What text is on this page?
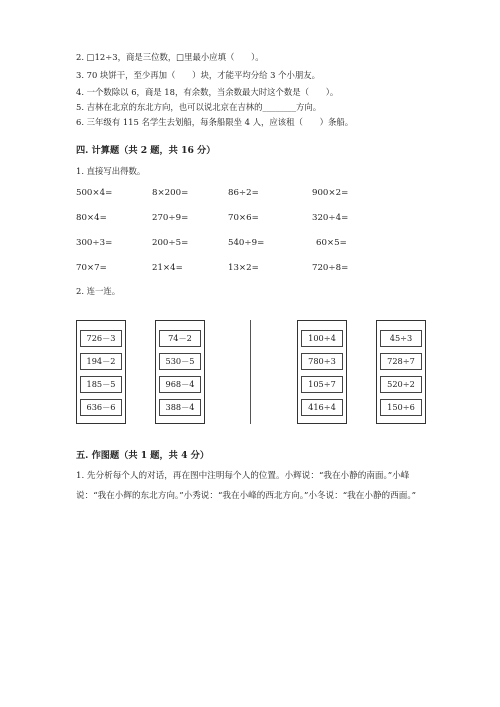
2. □12÷3，商是三位数，□里最小应填（　　）。
3. 70 块饼干，至少再加（　　）块，才能平均分给 3 个小朋友。
4. 一个数除以 6，商是 18，有余数，当余数最大时这个数是（　　）。
5. 吉林在北京的东北方向，也可以说北京在吉林的________方向。
6. 三年级有 115 名学生去划船，每条船限坐 4 人，应该租（　　）条船。
四. 计算题（共 2 题，共 16 分）
1. 直接写出得数。
500×4=	8×200=	86÷2=	900×2=
80×4=	270÷9=	70×6=	320÷4=
300÷3=	200÷5=	540÷9=	60×5=
70×7=	21×4=	13×2=	720÷8=
2. 连一连。
726－3
194－2
185－5
636－6
74－2
530－5
968－4
388－4
100÷4
780÷3
105÷7
416÷4
45÷3
728÷7
520÷2
150÷6
五. 作图题（共 1 题，共 4 分）
1. 先分析每个人的对话，再在图中注明每个人的位置。小辉说：“我在小静的南面。”小峰说：“我在小辉的东北方向。”小秀说：“我在小峰的西北方向。”小冬说：“我在小静的西面。”
